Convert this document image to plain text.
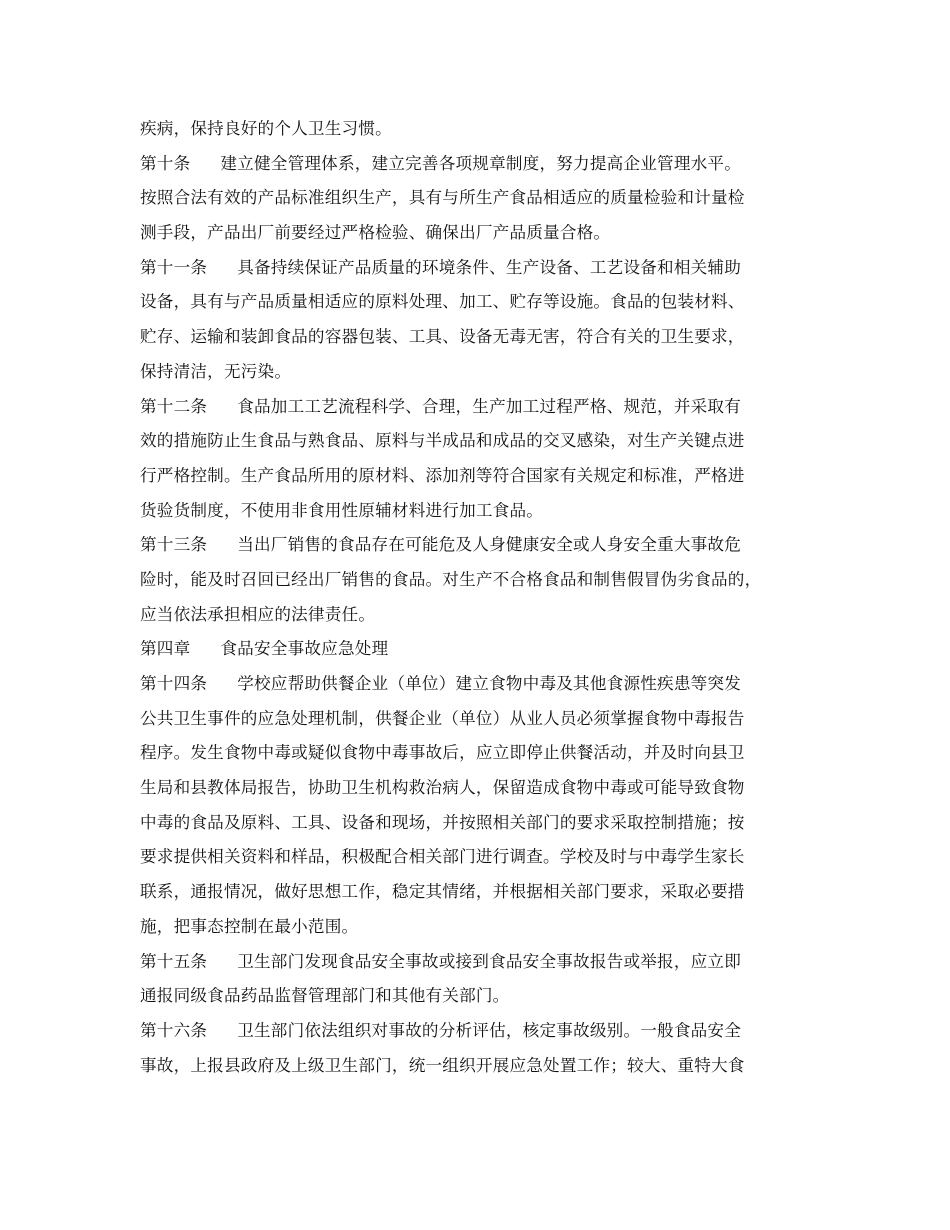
疾病，保持良好的个人卫生习惯。
第十条 建立健全管理体系，建立完善各项规章制度，努力提高企业管理水平。
按照合法有效的产品标准组织生产，具有与所生产食品相适应的质量检验和计量检
测手段，产品出厂前要经过严格检验、确保出厂产品质量合格。
第十一条 具备持续保证产品质量的环境条件、生产设备、工艺设备和相关辅助
设备，具有与产品质量相适应的原料处理、加工、贮存等设施。食品的包装材料、
贮存、运输和装卸食品的容器包装、工具、设备无毒无害，符合有关的卫生要求，
保持清洁，无污染。
第十二条 食品加工工艺流程科学、合理，生产加工过程严格、规范，并采取有
效的措施防止生食品与熟食品、原料与半成品和成品的交叉感染，对生产关键点进
行严格控制。生产食品所用的原材料、添加剂等符合国家有关规定和标准，严格进
货验货制度，不使用非食用性原辅材料进行加工食品。
第十三条 当出厂销售的食品存在可能危及人身健康安全或人身安全重大事故危
险时，能及时召回已经出厂销售的食品。对生产不合格食品和制售假冒伪劣食品的，
应当依法承担相应的法律责任。
第四章 食品安全事故应急处理
第十四条 学校应帮助供餐企业（单位）建立食物中毒及其他食源性疾患等突发
公共卫生事件的应急处理机制，供餐企业（单位）从业人员必须掌握食物中毒报告
程序。发生食物中毒或疑似食物中毒事故后，应立即停止供餐活动，并及时向县卫
生局和县教体局报告，协助卫生机构救治病人，保留造成食物中毒或可能导致食物
中毒的食品及原料、工具、设备和现场，并按照相关部门的要求采取控制措施；按
要求提供相关资料和样品，积极配合相关部门进行调查。学校及时与中毒学生家长
联系，通报情况，做好思想工作，稳定其情绪，并根据相关部门要求，采取必要措
施，把事态控制在最小范围。
第十五条 卫生部门发现食品安全事故或接到食品安全事故报告或举报，应立即
通报同级食品药品监督管理部门和其他有关部门。
第十六条 卫生部门依法组织对事故的分析评估，核定事故级别。一般食品安全
事故，上报县政府及上级卫生部门，统一组织开展应急处置工作；较大、重特大食
